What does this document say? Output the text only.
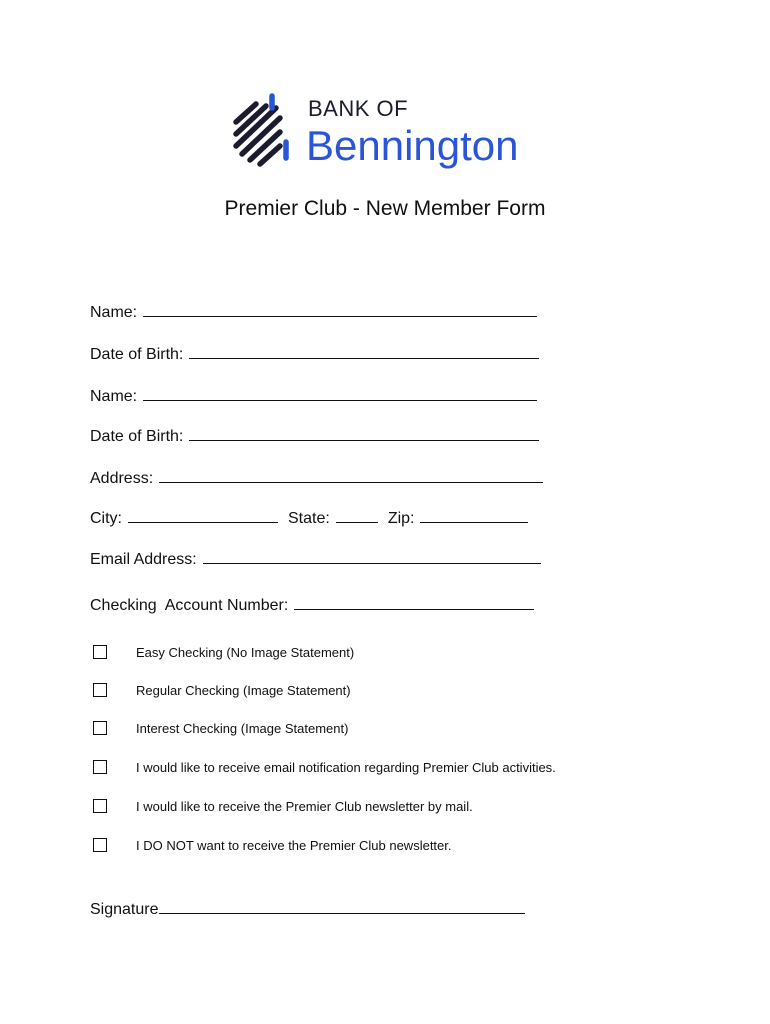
BANK OF
Bennington
Premier Club - New Member Form
Name:
Date of Birth:
Name:
Date of Birth:
Address:
City:	State:	Zip:
Email Address:
Checking  Account Number:
Easy Checking (No Image Statement)
Regular Checking (Image Statement)
Interest Checking (Image Statement)
I would like to receive email notification regarding Premier Club activities.
I would like to receive the Premier Club newsletter by mail.
I DO NOT want to receive the Premier Club newsletter.
Signature
